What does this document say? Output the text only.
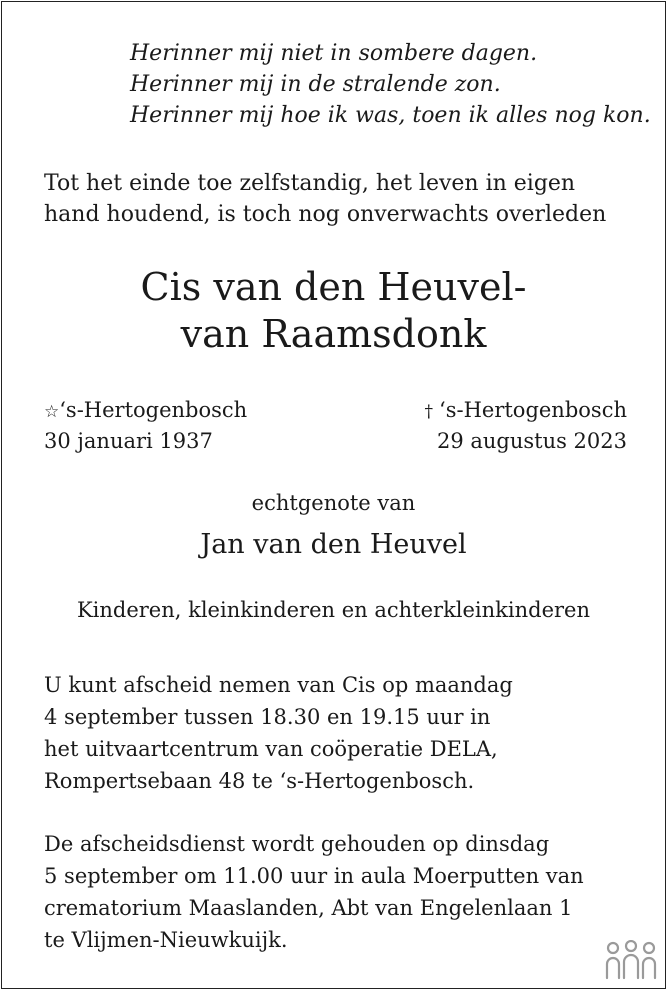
Herinner mij niet in sombere dagen.
Herinner mij in de stralende zon.
Herinner mij hoe ik was, toen ik alles nog kon.
Tot het einde toe zelfstandig, het leven in eigen
hand houdend, is toch nog onverwachts overleden
Cis van den Heuvel-
van Raamsdonk
☆‘s-Hertogenbosch
30 januari 1937
† ‘s-Hertogenbosch
29 augustus 2023
echtgenote van
Jan van den Heuvel
Kinderen, kleinkinderen en achterkleinkinderen
U kunt afscheid nemen van Cis op maandag
4 september tussen 18.30 en 19.15 uur in
het uitvaartcentrum van coöperatie DELA,
Rompertsebaan 48 te ‘s-Hertogenbosch.
De afscheidsdienst wordt gehouden op dinsdag
5 september om 11.00 uur in aula Moerputten van
crematorium Maaslanden, Abt van Engelenlaan 1
te Vlijmen-Nieuwkuijk.
